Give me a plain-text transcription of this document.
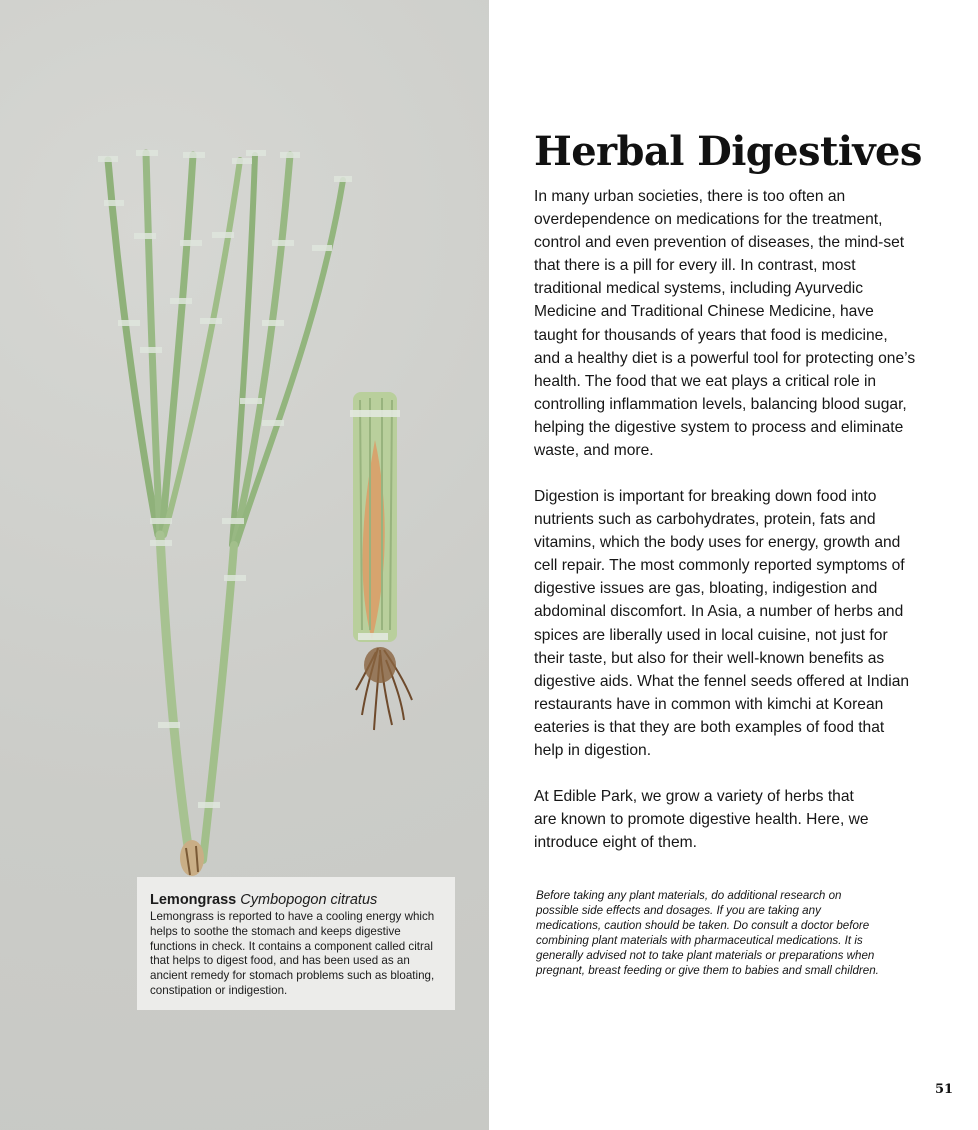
Lemongrass Cymbopogon citratus
Lemongrass is reported to have a cooling energy which helps to soothe the stomach and keeps digestive functions in check. It contains a component called citral that helps to digest food, and has been used as an ancient remedy for stomach problems such as bloating, constipation or indigestion.
Herbal Digestives
In many urban societies, there is too often an overdependence on medications for the treatment, control and even prevention of diseases, the mind-set that there is a pill for every ill. In contrast, most traditional medical systems, including Ayurvedic Medicine and Traditional Chinese Medicine, have taught for thousands of years that food is medicine, and a healthy diet is a powerful tool for protecting one’s health. The food that we eat plays a critical role in controlling inflammation levels, balancing blood sugar, helping the digestive system to process and eliminate waste, and more.
Digestion is important for breaking down food into nutrients such as carbohydrates, protein, fats and vitamins, which the body uses for energy, growth and cell repair. The most commonly reported symptoms of digestive issues are gas, bloating, indigestion and abdominal discomfort. In Asia, a number of herbs and spices are liberally used in local cuisine, not just for their taste, but also for their well-known benefits as digestive aids. What the fennel seeds offered at Indian restaurants have in common with kimchi at Korean eateries is that they are both examples of food that help in digestion.
At Edible Park, we grow a variety of herbs that are known to promote digestive health. Here, we introduce eight of them.
Before taking any plant materials, do additional research on possible side effects and dosages. If you are taking any medications, caution should be taken. Do consult a doctor before combining plant materials with pharmaceutical medications. It is generally advised not to take plant materials or preparations when pregnant, breast feeding or give them to babies and small children.
51
